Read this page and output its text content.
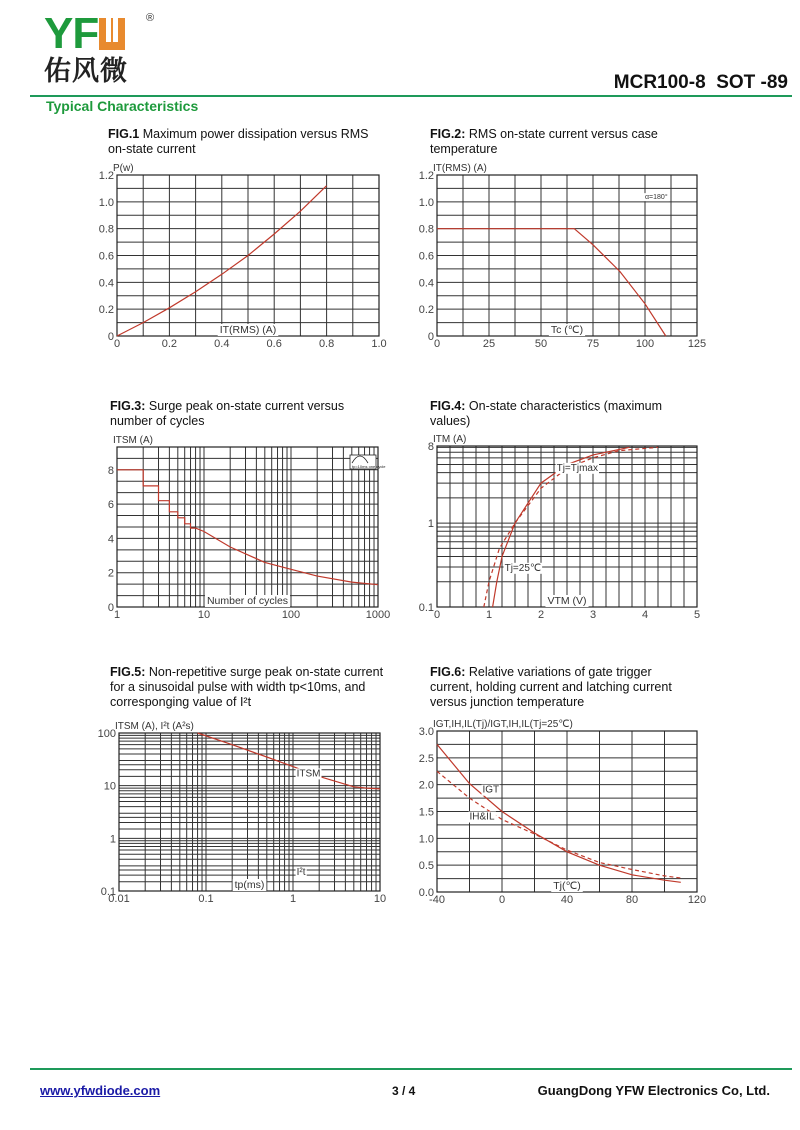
YF	®
佑风微	MCR100-8  SOT -89
Typical Characteristics
0	0.2	0.4	0.6	0.8	1.0
0
0.2
0.4
0.6
0.8
1.0
1.2
P(w)
IT(RMS) (A)
0	25	50	75	100	125
0
0.2
0.4
0.6
0.8
1.0
1.2
IT(RMS) (A)
Tc (℃)
α=180°
1	10	100	1000
0
2
4
6
8
ITSM (A)
Number of cycles
tp=10ms one cycle
0	1	2	3	4	5
0.1
1
8
ITM (A)
VTM (V)
Tj=Tjmax
Tj=25℃
0.01	0.1	1	10
0.1
1
10
100
ITSM (A), I²t (A²s)
tp(ms)
ITSM
I²t
-40	0	40	80	120
0.0
0.5
1.0
1.5
2.0
2.5
3.0
IGT,IH,IL(Tj)/IGT,IH,IL(Tj=25℃)
Tj(℃)
IGT
IH&IL
FIG.1 Maximum power dissipation versus RMS
on-state current
FIG.2: RMS on-state current versus case
temperature
FIG.3: Surge peak on-state current versus
number of cycles
FIG.4: On-state characteristics (maximum
values)
FIG.5: Non-repetitive surge peak on-state current
for a sinusoidal pulse with width tp<10ms, and
corresponging value of I²t
FIG.6: Relative variations of gate trigger
current, holding current and latching current
versus junction temperature
www.yfwdiode.com	3 / 4	GuangDong YFW Electronics Co, Ltd.
